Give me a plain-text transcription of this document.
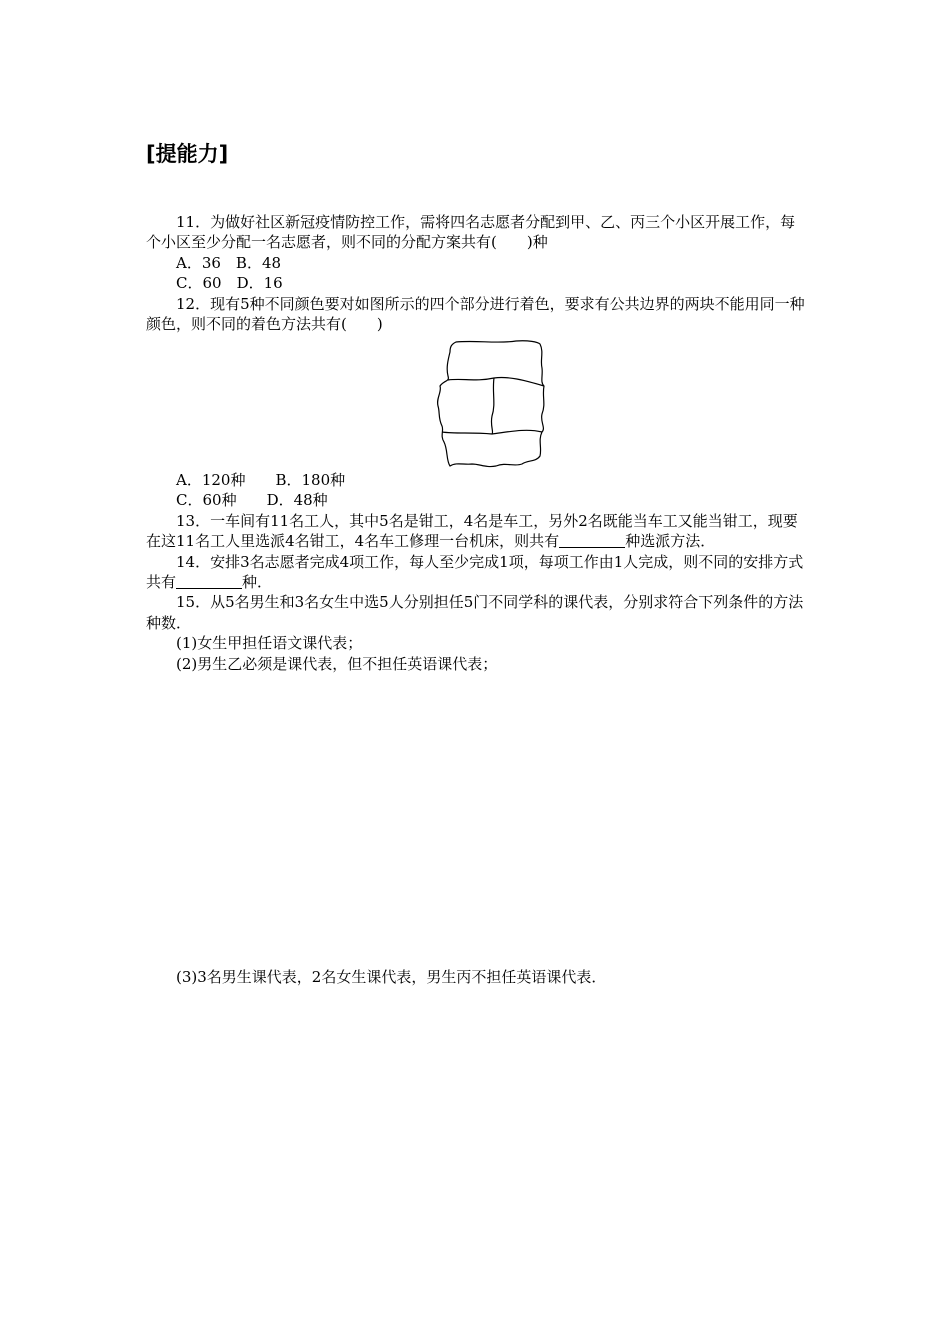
[提能力]

11．为做好社区新冠疫情防控工作，需将四名志愿者分配到甲、乙、丙三个小区开展工作，每个小区至少分配一名志愿者，则不同的分配方案共有(　　)种

A．36　B．48

C．60　D．16

12．现有5种不同颜色要对如图所示的四个部分进行着色，要求有公共边界的两块不能用同一种颜色，则不同的着色方法共有(　　)

A．120种　　B．180种

C．60种　　D．48种

13．一车间有11名工人，其中5名是钳工，4名是车工，另外2名既能当车工又能当钳工，现要在这11名工人里选派4名钳工，4名车工修理一台机床，则共有	种选派方法．

14．安排3名志愿者完成4项工作，每人至少完成1项，每项工作由1人完成，则不同的安排方式共有	种．

15．从5名男生和3名女生中选5人分别担任5门不同学科的课代表，分别求符合下列条件的方法种数．

(1)女生甲担任语文课代表；

(2)男生乙必须是课代表，但不担任英语课代表；

(3)3名男生课代表，2名女生课代表，男生丙不担任英语课代表．
